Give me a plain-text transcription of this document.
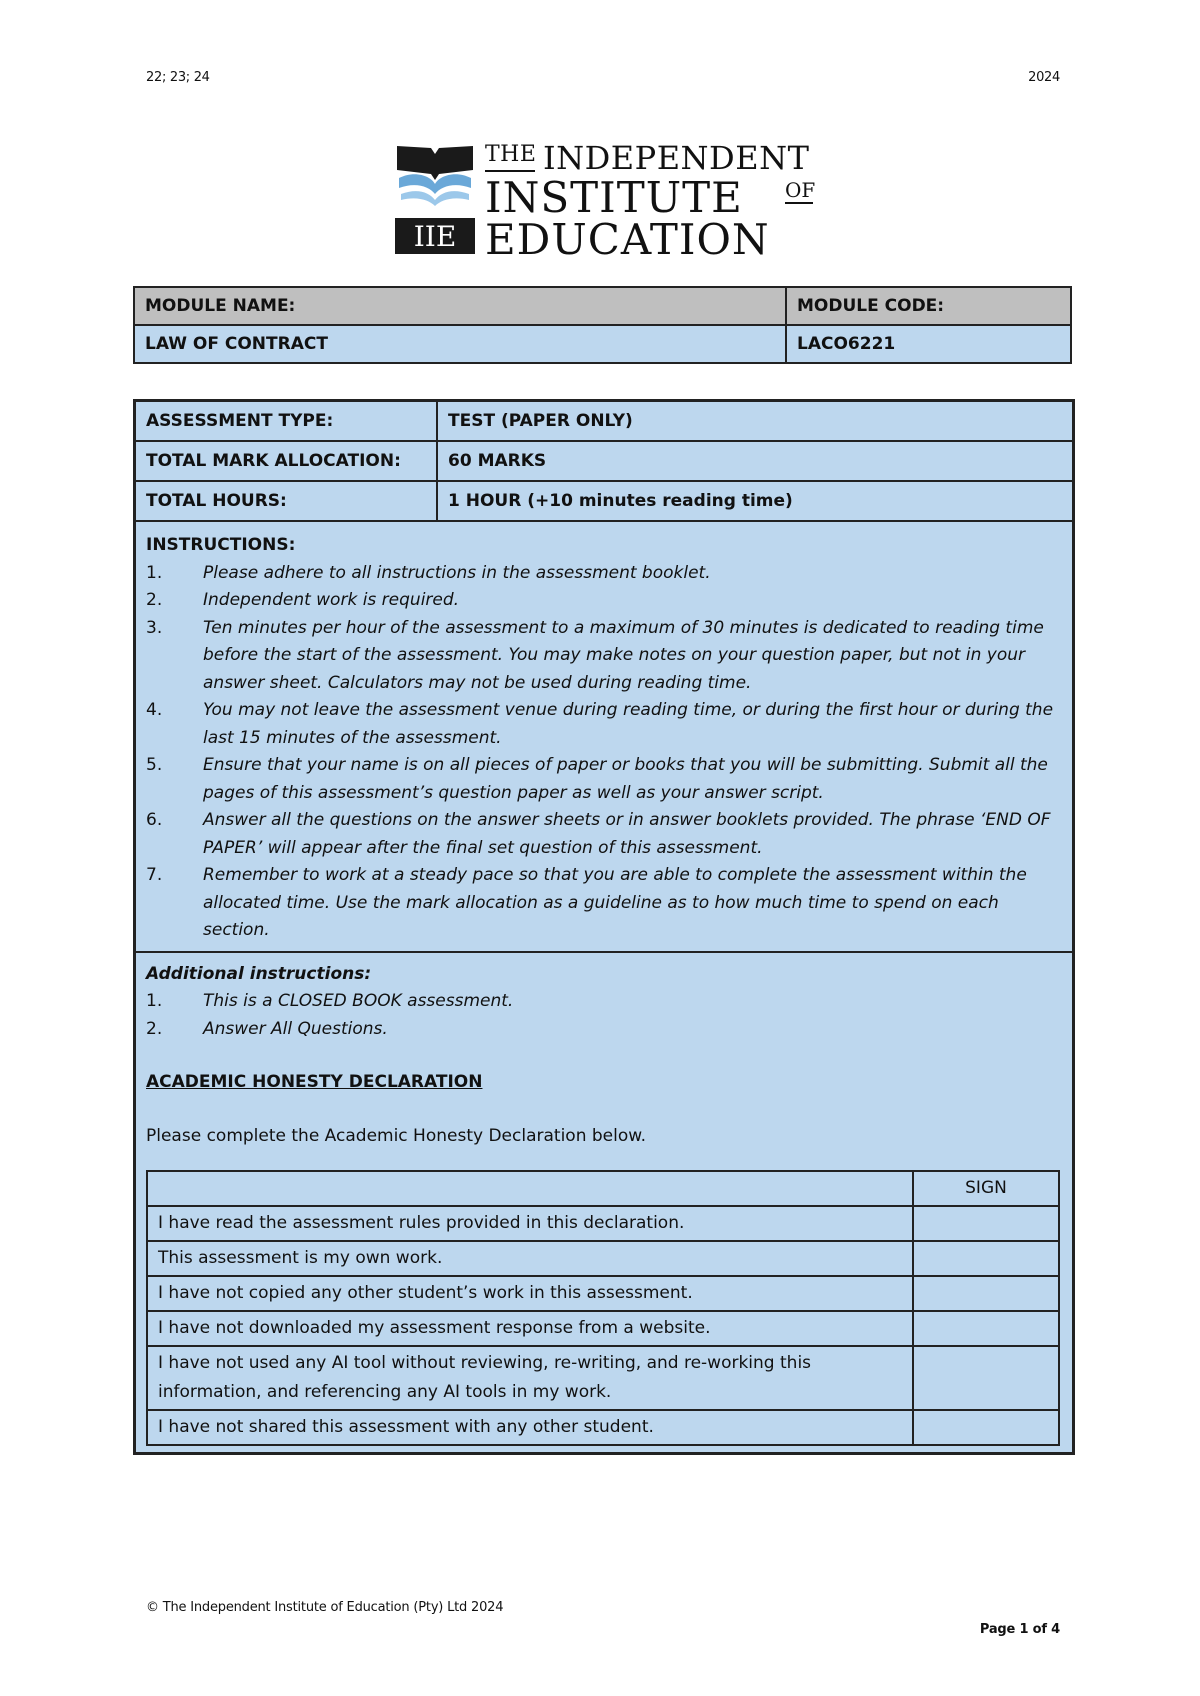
22; 23; 24	2024
IIE
THE INDEPENDENT
INSTITUTE OF
EDUCATION
MODULE NAME:	MODULE CODE:
LAW OF CONTRACT	LACO6221
ASSESSMENT TYPE:	TEST (PAPER ONLY)
TOTAL MARK ALLOCATION:	60 MARKS
TOTAL HOURS:	1 HOUR (+10 minutes reading time)
INSTRUCTIONS:
1.	Please adhere to all instructions in the assessment booklet.
2.	Independent work is required.
3.	Ten minutes per hour of the assessment to a maximum of 30 minutes is dedicated to reading time before the start of the assessment. You may make notes on your question paper, but not in your answer sheet. Calculators may not be used during reading time.
4.	You may not leave the assessment venue during reading time, or during the first hour or during the last 15 minutes of the assessment.
5.	Ensure that your name is on all pieces of paper or books that you will be submitting. Submit all the pages of this assessment’s question paper as well as your answer script.
6.	Answer all the questions on the answer sheets or in answer booklets provided. The phrase ‘END OF PAPER’ will appear after the final set question of this assessment.
7.	Remember to work at a steady pace so that you are able to complete the assessment within the allocated time. Use the mark allocation as a guideline as to how much time to spend on each section.
Additional instructions:
1.	This is a CLOSED BOOK assessment.
2.	Answer All Questions.
ACADEMIC HONESTY DECLARATION
Please complete the Academic Honesty Declaration below.
	SIGN
I have read the assessment rules provided in this declaration.	
This assessment is my own work.	
I have not copied any other student’s work in this assessment.	
I have not downloaded my assessment response from a website.	
I have not used any AI tool without reviewing, re-writing, and re-working this information, and referencing any AI tools in my work.	
I have not shared this assessment with any other student.	
© The Independent Institute of Education (Pty) Ltd 2024
Page 1 of 4
